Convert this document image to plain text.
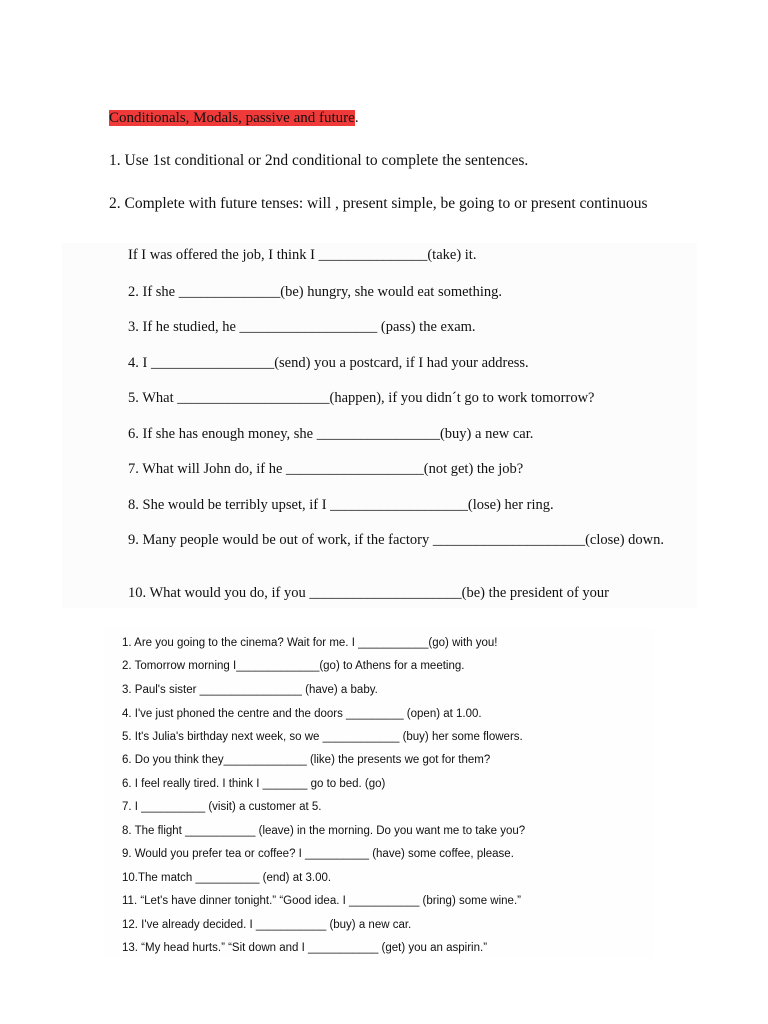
Conditionals, Modals, passive and future.
1. Use 1st conditional or 2nd conditional to complete the sentences.
2. Complete with future tenses: will , present simple, be going to or present continuous
If I was offered the job, I think I _______________(take) it.
2. If she ______________(be) hungry, she would eat something.
3. If he studied, he ___________________ (pass) the exam.
4. I _________________(send) you a postcard, if I had your address.
5. What _____________________(happen), if you didn´t go to work tomorrow?
6. If she has enough money, she _________________(buy) a new car.
7. What will John do, if he ___________________(not get) the job?
8. She would be terribly upset, if I ___________________(lose) her ring.
9. Many people would be out of work, if the factory _____________________(close) down.
10. What would you do, if you _____________________(be) the president of your
1. Are you going to the cinema? Wait for me. I ___________(go) with you!
2. Tomorrow morning I_____________(go) to Athens for a meeting.
3. Paul's sister ________________ (have) a baby.
4. I've just phoned the centre and the doors _________ (open) at 1.00.
5. It's Julia's birthday next week, so we ____________ (buy) her some flowers.
6. Do you think they_____________ (like) the presents we got for them?
6. I feel really tired. I think I _______ go to bed. (go)
7. I __________ (visit) a customer at 5.
8. The flight ___________ (leave) in the morning. Do you want me to take you?
9. Would you prefer tea or coffee? I __________ (have) some coffee, please.
10.The match __________ (end) at 3.00.
11. “Let's have dinner tonight.” “Good idea. I ___________ (bring) some wine.”
12. I've already decided. I ___________ (buy) a new car.
13. “My head hurts.” “Sit down and I ___________ (get) you an aspirin.”
